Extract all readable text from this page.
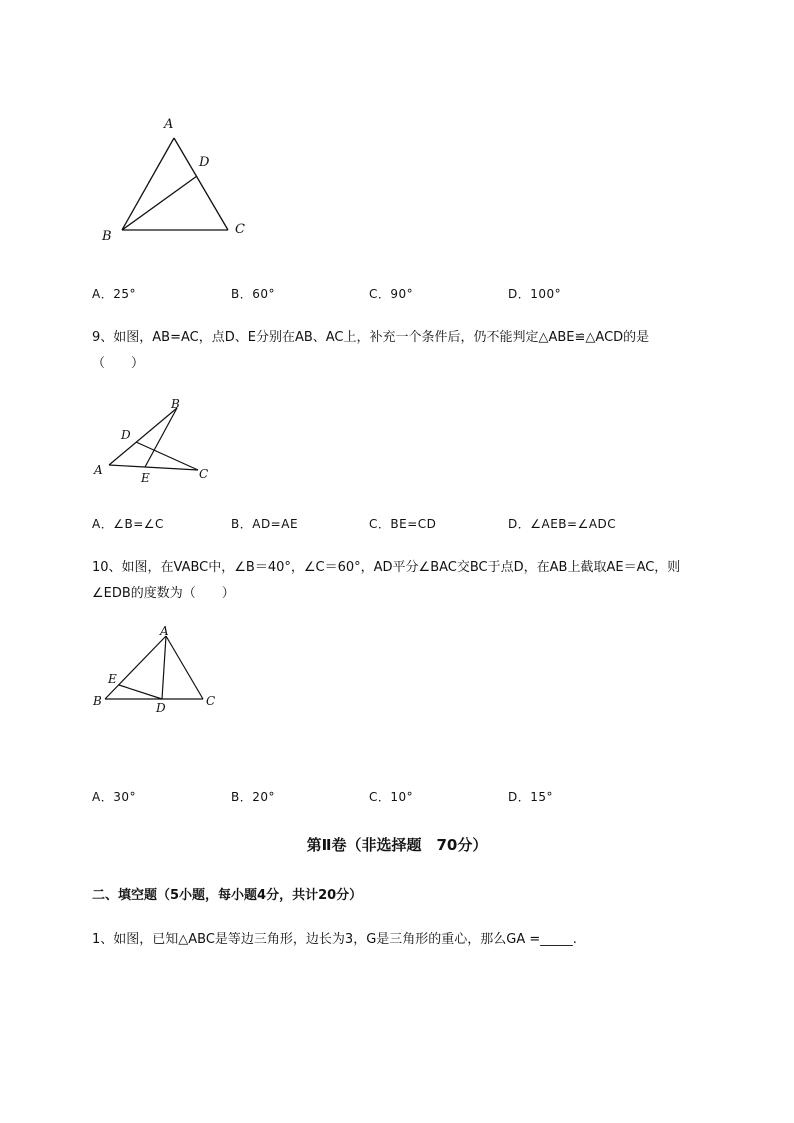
A
D
B	C
A．25°	B．60°	C．90°	D．100°
9、如图，AB=AC，点D、E分别在AB、AC上，补充一个条件后，仍不能判定△ABE≌△ACD的是
（　　）
B
D
A
E	C
A．∠B=∠C	B．AD=AE	C．BE=CD	D．∠AEB=∠ADC
10、如图，在VABC中，∠B＝40°，∠C＝60°，AD平分∠BAC交BC于点D，在AB上截取AE＝AC，则
∠EDB的度数为（　　）
A
E
B	D	C
A．30°	B．20°	C．10°	D．15°
第Ⅱ卷（非选择题　70分）
二、填空题（5小题，每小题4分，共计20分）
1、如图，已知△ABC是等边三角形，边长为3，G是三角形的重心，那么GA =_____.
